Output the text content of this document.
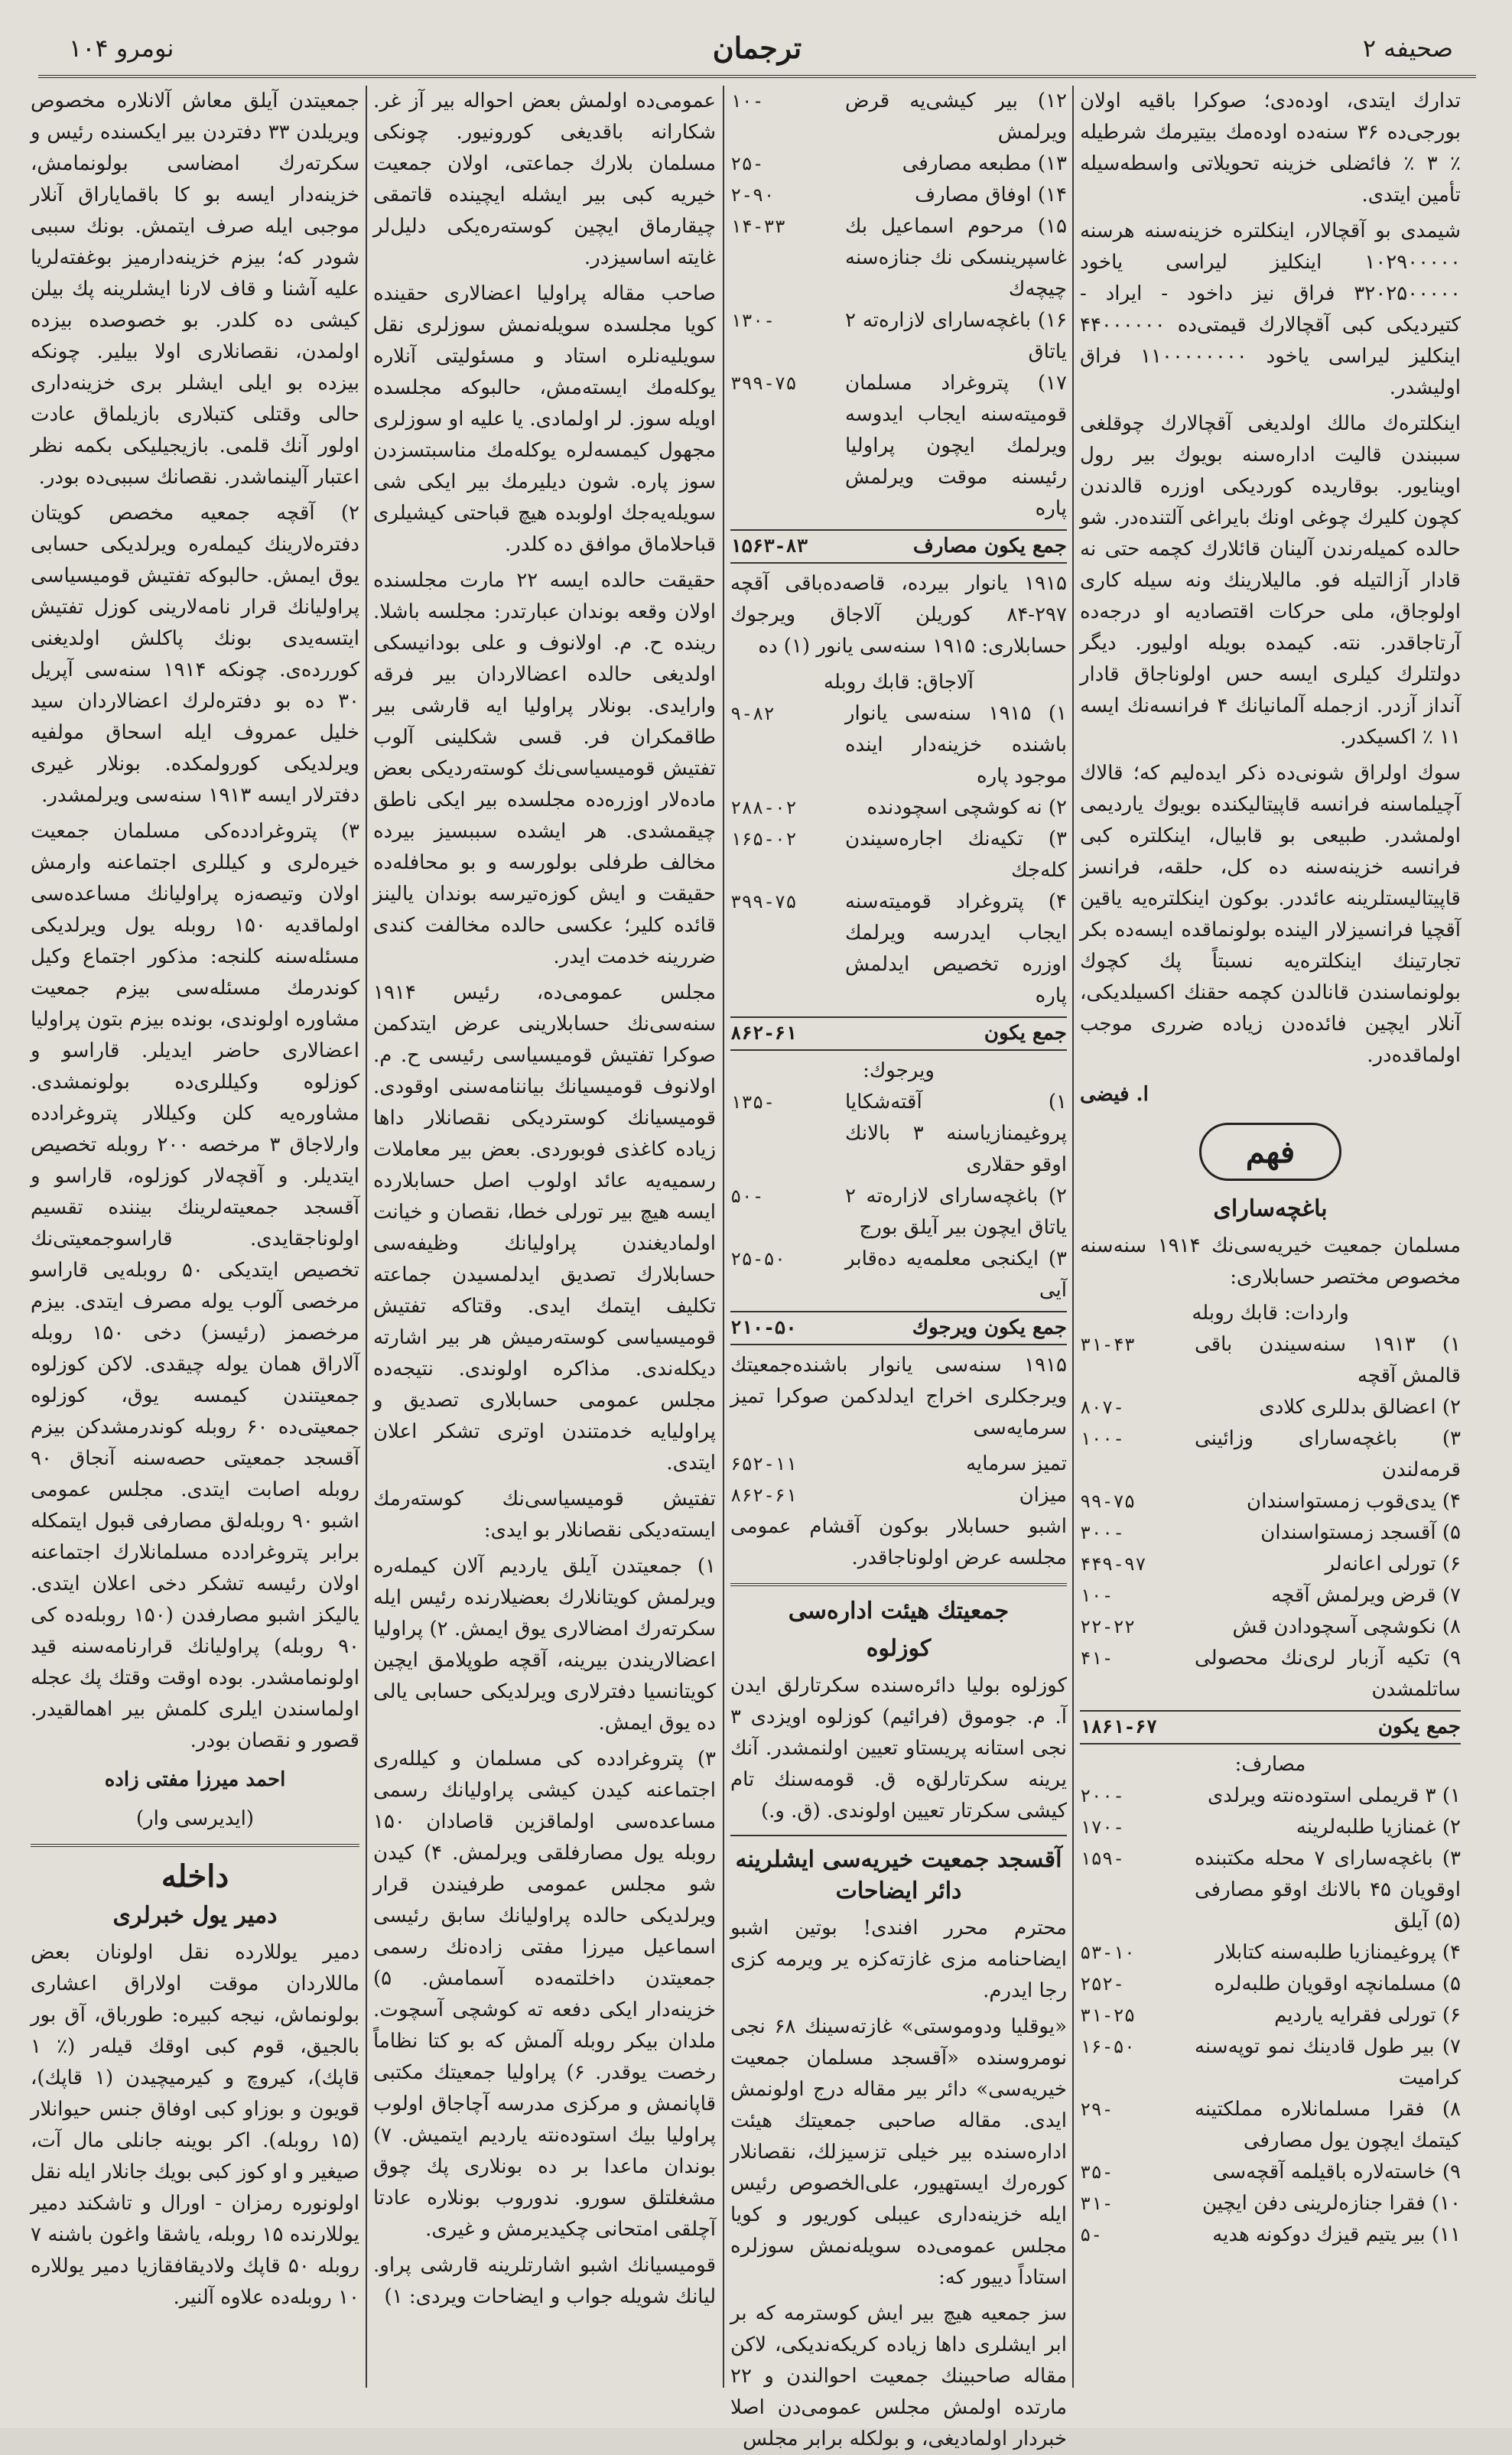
صحیفه ۲
ترجمان
نومرو ۱۰۴

تدارك ایتدی، اوده‌دی؛ صوكرا باقیه اولان بورجی‌ده ۳۶ سنه‌ده اوده‌مك بیتیرمك شرطیله ٪ ۳ ٪ فائضلی خزینه تحویلاتی واسطه‌سیله تأمین ایتدی.

شیمدی بو آقچالار، اینكلتره‌ خزینه‌سنه هرسنه ۱۰۲۹۰۰۰۰۰ اینكلیز لیراسی یاخود ۳۲۰۲۵۰۰۰۰۰ فراق نیز داخود - ایراد - كتیردیكی كبی آقچالارك قیمتی‌ده ۴۴۰۰۰۰۰۰ اینكلیز لیراسی یاخود ۱۱۰۰۰۰۰۰۰۰ فراق اولیشدر.

اینكلتره‌ك مالك اولدیغی آقچالارك چوقلغی سببندن قالیت اداره‌سنه بویوك بیر رول اوینایور. بوقاریده كوردیكی اوزره قالدندن كچون كلیرك چوغی اونك بایراغی آلتنده‌در. شو حالده كمیله‌رندن آلینان قائلارك كچمه حتی نه قادار آزالتیله‌ فو. مالیلارینك ونه سیله كاری اولوجاق، ملی حركات اقتصادیه او درجه‌ده آرتاجاقدر. نته. كیمده بویله اولیور. دیگر دولتلرك كیلری ایسه حس اولوناجاق قادار آنداز آزدر. ازجمله آلمانیانك ۴ فرانسه‌نك ایسه ۱۱ ٪ اكسیكدر.

سوك اولراق شونی‌ده ذكر ایده‌لیم كه؛ قالاك آچیلماسنه فرانسه قاپیتالیكنده بویوك یاردیمی اولمشدر. طبیعی بو قابیال، اینكلتره‌ كبی فرانسه خزینه‌سنه ده كل، حلقه، فرانسز قاپیتالیستلرینه عائددر. بو‌كون اینكلتره‌یه یاقین آقچیا فرانسیزلار الینده بولونماقده ایسه‌ده بكر تجارتینك اینكلتره‌یه نسبتاً پك كچوك بولونماسندن قانالدن كچمه حقنك اكسیلدیكی، آنلار ایچین فائده‌دن زیاده ضرری موجب اولماقده‌در.

ا. فیضی
فهم
باغچه‌سارای

مسلمان جمعیت خیریه‌سی‌نك ۱۹۱۴ سنه‌سنه مخصوص مختصر حسابلاری:

واردات: قابك روبله
۱) ۱۹۱۳ سنه‌سیندن باقی قالمش آقچه
۳۱-۴۳
۲) اعضالق بدللری كلادی
۸۰۷-
۳) باغچه‌سارای وزائینی قرمه‌لندن
۱۰۰-
۴) یدی‌قوب زمستواسندان
۹۹-۷۵
۵) آقسجد زمستواسندان
۳۰۰-
۶) تورلی اعانه‌لر
۴۴۹-۹۷
۷) قرض ویرلمش آقچه
۱۰-
۸) نكوشچی آسچودادن قش
۲۲-۲۲
۹) تكیه آزبار لری‌نك محصولی ساتلمشدن
۴۱-
جمع یكون
۱۸۶۱-۶۷
مصارف:
۱) ۳ قریملی استوده‌نته ویرلدی
۲۰۰-
۲) غمنازیا طلبه‌لرینه
۱۷۰-
۳) باغچه‌سارای ۷ محله مكتبنده اوقویان ۴۵ بالانك اوقو مصارفی (۵) آیلق
۱۵۹-
۴) پروغیمنازیا طلبه‌سنه كتابلار
۵۳-۱۰
۵) مسلمانچه اوقویان طلبه‌لره
۲۵۲-
۶) تورلی فقرایه یاردیم
۳۱-۲۵
۷) بیر طول قادینك نمو توپه‌سنه كرامیت
۱۶-۵۰
۸) فقرا مسلمانلاره مملكتینه كیتمك ایچون یول مصارفی
۲۹-
۹) خاسته‌لاره باقیلمه آقچه‌سی
۳۵-
۱۰) فقرا جنازه‌لرینی دفن ایچین
۳۱-
۱۱) بیر یتیم قیزك دوكونه هدیه
۵-
۱۲) بیر كیشی‌یه قرض ویرلمش
۱۰-
۱۳) مطبعه مصارفی
۲۵-
۱۴) اوفاق مصارف
۲-۹۰
۱۵) مرحوم اسماعیل بك غاسپرینسكی نك جنازه‌سنه چیچه‌ك
۱۴-۳۳
۱۶) باغچه‌سارای لازاره‌ته ۲ یاتاق
۱۳۰-
۱۷) پتروغراد مسلمان قومیته‌سنه ایجاب ایدوسه ویرلمك ایچون پراولیا رئیسنه موقت ویرلمش پاره
۳۹۹-۷۵
جمع یكون مصارف
۱۵۶۳-۸۳

۱۹۱۵ یانوار بیرده، قاصه‌ده‌باقی آقچه ۲۹۷-۸۴ كوریلن آلاجاق ویرجوك حسابلاری: ۱۹۱۵ سنه‌سی یانور (۱) ده

آلاجاق: قابك روبله
۱) ۱۹۱۵ سنه‌سی یانوار باشنده خزینه‌دار اینده موجود پاره
۹-۸۲
۲) نه كوشچی اسچودنده
۲۸۸-۰۲
۳) تكیه‌نك اجاره‌سیندن كله‌جك
۱۶۵-۰۲
۴) پتروغراد قومیته‌سنه ایجاب ایدرسه ویرلمك اوزره تخصیص ایدلمش پاره
۳۹۹-۷۵
جمع یكون
۸۶۲-۶۱
ویرجوك:
۱) آقته‌شكایا پروغیمنازیاسنه ۳ بالانك اوقو حقلاری
۱۳۵-
۲) باغچه‌سارای لازاره‌ته ۲ یاتاق ایچون بیر آیلق بورج
۵۰-
۳) ایكنجی معلمه‌یه ده‌قابر آیی
۲۵-۵۰
جمع یكون ویرجوك
۲۱۰-۵۰

۱۹۱۵ سنه‌سی یانوار باشنده‌جمعیتك ویرجكلری اخراج ایدلدكمن صوكرا تمیز سرمایه‌سی

تمیز سرمایه
۶۵۲-۱۱
میزان
۸۶۲-۶۱

اشبو حسابلار بوكون آقشام عمومی مجلسه عرض اولوناجاقدر.

جمعیتك هیئت اداره‌سی
كوزلوه

كوزلوه بولیا دائره‌سنده سكرتارلق ایدن آ. م. جوموق (فرائیم) كوزلوه اویزدی ۳ نجی استانه پریستاو تعیین اولنمشدر. آنك یرینه سكرتارلق‌ه ق. قومه‌سنك تام كیشی سكرتار تعیین اولوندی. (ق. و.)

آقسجد جمعیت خیریه‌سی ایشلرینه دائر ایضاحات

محترم محرر افندی! بوتین اشبو ایضاحنامه مزی غازته‌كزه یر ویرمه كزی رجا ایدرم.

«یوقلیا ودوموستی» غازته‌سینك ۶۸ نجی نومروسنده «آقسجد مسلمان جمعیت خیریه‌سی» دائر بیر مقاله درج اولونمش ایدی. مقاله صاحبی جمعیتك هیئت اداره‌سنده بیر خیلی تزسیزلك، نقصانلار كوره‌رك ایستهیور، علی‌الخصوص رئیس ایله خزینه‌داری عیبلی كوریور و كویا مجلس عمومی‌ده سویله‌نمش سوزلره استاداً دییور كه:

سز جمعیه هیچ بیر ایش كوسترمه كه بر ابر ایشلری داها زیاده كریكه‌ندیكی، لاكن مقاله صاحبینك جمعیت احوالندن و ۲۲ مارتده اولمش مجلس عمومی‌دن اصلا خبردار اولمادیغی، و بولكله برابر مجلس

عمومی‌ده اولمش بعض احواله بیر آز غر. شكارانه باقدیغی كورونیور. چونكی مسلمان بلارك جماعتی، اولان جمعیت خیریه كبی بیر ایشله ایچینده قاتمقی چیقارماق ایچین كوسته‌ره‌یكی دلیل‌لر غایته اساسیزدر.

صاحب مقاله پراولیا اعضالاری حقینده كویا مجلسده سویله‌نمش سوزلری نقل سویلیه‌نلره استاد و مسئولیتی آنلاره یوكله‌مك ایسته‌مش، حالبوكه مجلسده اویله سوز. لر اولمادی. یا علیه او سوزلری مجهول كیمسه‌لره یوكله‌مك مناسبتسزدن سوز پاره. شون دیلیرمك بیر ایكی شی سویله‌یه‌جك اولوبده هیچ قباحتی كیشیلری قباحلاماق موافق ده كلدر.

حقیقت حالده ایسه ۲۲ مارت مجلسنده اولان وقعه بوندان عبارتدر: مجلسه باشلا. رینده ح. م. اولانوف و علی بودانیسكی اولدیغی حالده اعضالاردان بیر فرقه وارایدی. بونلار پراولیا ایه قارشی بیر طاقمکران فر. قسی شكلینی آلوب تفتیش قومیسیاسی‌نك كوسته‌ردیكی بعض ماده‌لار اوزره‌ده مجلسده بیر ایكی ناطق چیقمشدی. هر ایشده سببسیز بیرده مخالف طرفلی بولورسه و بو محافله‌ده حقیقت و ایش كوزه‌تیرسه بوندان یالینز قائده كلیر؛ عكسی حالده مخالفت كندی ضررینه خدمت ایدر.

مجلس عمومی‌ده، رئیس ۱۹۱۴ سنه‌سی‌نك حسابلارینی عرض ایتدكمن صوكرا تفتیش قومیسیاسی رئیسی ح. م. اولانوف قومیسیانك بیاننامه‌سنی اوقودی. قومیسیانك كوستردیكی نقصانلار داها زیاده كاغذی فوبوردی. بعض بیر معاملات رسمیه‌یه عائد اولوب اصل حسابلارده ایسه هیچ بیر تورلی خطا، نقصان و خیانت اولمادیغندن پراولیانك وظیفه‌سی حسابلارك تصدیق ایدلمسیدن جماعته تكلیف ایتمك ایدی. وقتاكه تفتیش قومیسیاسی كوسته‌رمیش هر بیر اشارته دیكله‌ندی. مذاكره اولوندی. نتیجه‌ده مجلس عمومی حسابلاری تصدیق و پراولیایه خدمتندن اوتری تشكر اعلان ایتدی.

تفتیش قومیسیاسی‌نك كوسته‌رمك ایسته‌دیكی نقصانلار بو ایدی:

۱) جمعیتدن آیلق یاردیم آلان كیمله‌ره ویرلمش كویتانلارك بعضیلارنده رئیس ایله سكرته‌رك امضالاری یوق ایمش. ۲) پراولیا اعضالاریندن بیرینه، آقچه طوپلامق ایچین كویتانسیا دفترلاری ویرلدیكی حسابی یالی ده یوق ایمش.

۳) پتروغرادده كی مسلمان و كیلله‌ری اجتماعنه كیدن كیشی پراولیانك رسمی مساعده‌سی اولماقزین قاصادان ۱۵۰ روبله یول مصارفلقی ویرلمش. ۴) كیدن شو مجلس عمومی طرفیندن قرار ویرلدیكی حالده پراولیانك سابق رئیسی اسماعیل میرزا مفتی زاده‌نك رسمی جمعیتدن داخلتمه‌ده آسمامش. ۵) خزینه‌دار ایكی دفعه ته كوشچی آسچوت. ملدان بیكر روبله آلمش كه بو كتا نظاماً رخصت یوقدر. ۶) پراولیا جمعیتك مكتبی قاپانمش و مركزی مدرسه آچاجاق اولوب پراولیا بیك استوده‌نته یاردیم ایتمیش. ۷) بوندان ماعدا بر ده بونلاری پك چوق مشغلتلق سورو. ندوروب بونلاره عادتا آچلقی امتحانی چكیدیرمش و غیری.

قومیسیانك اشبو اشارتلرینه قارشی پراو. لیانك شویله جواب و ایضاحات ویردی: ۱)

جمعیتدن آیلق معاش آلانلاره مخصوص ویریلدن ۳۳ دفتردن بیر ایكسنده رئیس و سكرته‌رك امضاسی بولونمامش، خزینه‌دار ایسه بو كا باقمایاراق آنلار موجبی ایله صرف ایتمش. بونك سببی شودر كه؛ بیزم خزینه‌دارمیز بوغفته‌لریا علیه آشنا و قاف لارنا ایشلرینه پك بیلن كیشی ده كلدر. بو خصوصده بیزده اولمدن، نقصانلاری اولا بیلیر. چونكه بیزده بو ایلی ایشلر بری خزینه‌داری حالی وقتلی كتبلاری بازیلماق عادت اولور آنك قلمی. بازیجیلیكی بكمه نظر اعتبار آلینماشدر. نقصانك سببی‌ده بو‌در.

۲) آقچه جمعیه مخصص كویتان دفتره‌لارینك كیمله‌ره ویرلدیكی حسابی یوق ایمش. حالبوكه تفتیش قومیسیاسی پراولیانك قرار نامه‌لارینی كوزل تفتیش ایتسه‌یدی بونك پاكلش اولدیغنی كوررده‌ی. چونكه ۱۹۱۴ سنه‌سی آپریل ۳۰ ده بو دفتره‌لرك اعضالاردان سید خلیل عمروف ایله اسحاق مولفیه ویرلدیكی كورولمكده. بونلار غیری دفترلار ایسه ۱۹۱۳ سنه‌سی ویرلمشدر.

۳) پتروغرادده‌كی مسلمان جمعیت خیره‌لری و كیللری اجتماعنه وارمش اولان وتیصه‌زه پراولیانك مساعده‌سی اولماقدیه ۱۵۰ روبله یول ویرلدیكی مسئله‌سنه كلنجه: مذكور اجتماع وكیل كوندرمك مسئله‌سی بیزم جمعیت مشاوره اولوندی، بونده بیزم بتون پراولیا اعضالاری حاضر ایدیلر. قاراسو و كوزلوه وكیللری‌ده بولونمشدی. مشاوره‌یه كلن وكیللار پتروغرادده وارلاجاق ۳ مرخصه ۲۰۰ روبله تخصیص ایتدیلر. و آقچه‌لار كوزلوه، قاراسو و آقسجد جمعیته‌لرینك بیننده تقسیم اولوناجقایدی. قاراسوجمعیتی‌نك تخصیص ایتدیكی ۵۰ روبله‌یی قاراسو مرخصی آلوب یوله مصرف ایتدی. بیزم مرخصمز (رئیسز) دخی ۱۵۰ روبله آلاراق همان یوله چیقدی. لاكن كوزلوه جمعیتندن كیمسه یوق، كوزلوه جمعیتی‌ده ۶۰ روبله كوندرمشدكن بیزم آقسجد جمعیتی حصه‌سنه آنجاق ۹۰ روبله اصابت ایتدی. مجلس عمومی اشبو ۹۰ روبله‌لق مصارفی قبول ایتمكله برابر پتروغرادده مسلمانلارك اجتماعنه اولان رئیسه تشكر دخی اعلان ایتدی. یالیكز اشبو مصارفدن (۱۵۰ روبله‌ده كی ۹۰ روبله) پراولیانك قرارنامه‌سنه قید اولونمامشدر. بوده اوقت وقتك پك عجله اولماسندن ایلری كلمش بیر اهمالقیدر. قصور و نقصان بودر.

احمد میرزا مفتی زاده
(ایدیرسی وار)
داخله
دمیر یول خبرلری

دمیر یوللارده نقل اولونان بعض ماللاردان موقت اولاراق اعشاری بولونماش، نیجه كبیره: طورباق، آق بور بالجیق، قوم كبی اوقك قیله‌ر (٪ ۱ قاپك)، كیروچ و كیرمیچیدن (۱ قاپك)، قویون و بوزاو كبی اوفاق جنس حیوانلار (۱۵ روبله). اكر بوینه جانلی مال آت، صیغیر و او كوز كبی بویك جانلار ایله نقل اولونوره رمزان - اورال و تاشكند دمیر یوللارنده ۱۵ روبله، یاشقا واغون باشنه ۷ روبله ۵۰ قاپك ولادیقافقازیا دمیر یوللاره ۱۰ روبله‌ده علاوه آلنیر.
